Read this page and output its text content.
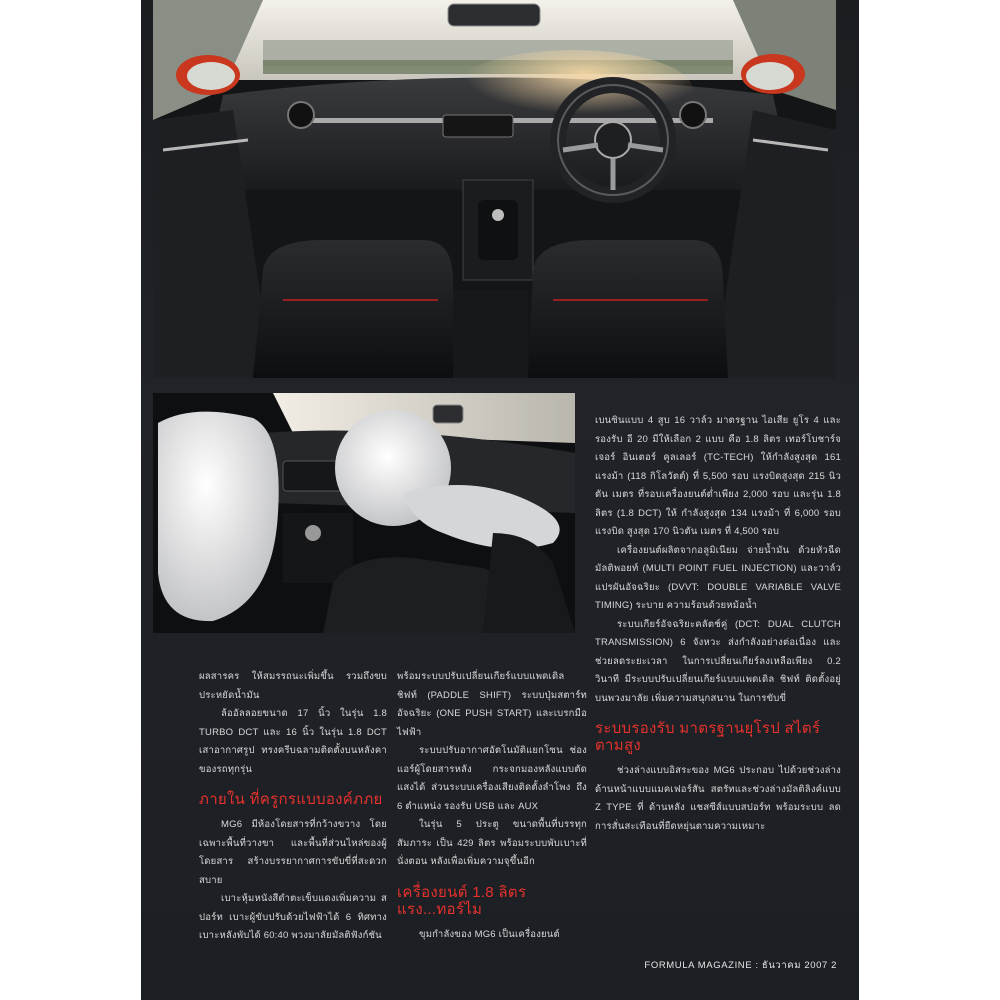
เบนซินแบบ 4 สูบ 16 วาล์ว มาตรฐาน ไอเสีย ยูโร 4 และรองรับ อี 20 มีให้เลือก 2 แบบ คือ 1.8 ลิตร เทอร์โบชาร์จเจอร์ อินเตอร์ คูลเลอร์ (TC-TECH) ให้กำลังสูงสุด 161 แรงม้า (118 กิโลวัตต์) ที่ 5,500 รอบ แรงบิดสูงสุด 215 นิวตัน เมตร ที่รอบเครื่องยนต์ต่ำเพียง 2,000 รอบ และรุ่น 1.8 ลิตร (1.8 DCT) ให้ กำลังสูงสุด 134 แรงม้า ที่ 6,000 รอบ แรงบิด สูงสุด 170 นิวตัน เมตร ที่ 4,500 รอบ

เครื่องยนต์ผลิตจากอลูมิเนียม จ่ายน้ำมัน ด้วยหัวฉีดมัลติพอยท์ (MULTI POINT FUEL INJECTION) และวาล์วแปรผันอัจฉริยะ (DVVT: DOUBLE VARIABLE VALVE TIMING) ระบาย ความร้อนด้วยหม้อน้ำ

ระบบเกียร์อัจฉริยะคลัตช์คู่ (DCT: DUAL CLUTCH TRANSMISSION) 6 จังหวะ ส่งกำลังอย่างต่อเนื่อง และช่วยลดระยะเวลา ในการเปลี่ยนเกียร์ลงเหลือเพียง 0.2 วินาที มีระบบปรับเปลี่ยนเกียร์แบบแพดเดิล ชิฟท์ ติดตั้งอยู่บนพวงมาลัย เพิ่มความสนุกสนาน ในการขับขี่

ระบบรองรับ มาตรฐานยุโรป สไตร์ตามสูง

ช่วงล่างแบบอิสระของ MG6 ประกอบ ไปด้วยช่วงล่างด้านหน้าแบบแมคเฟอร์สัน สตรัทและช่วงล่างมัลติลิงค์แบบ Z TYPE ที่ ด้านหลัง แชสซีส์แบบสปอร์ท พร้อมระบบ ลดการสั่นสะเทือนที่ยืดหยุ่นตามความเหมาะ

ผลสารคร ให้สมรรถนะเพิ่มขึ้น รวมถึงขบ ประหยัดน้ำมัน

ล้ออัลลอยขนาด 17 นิ้ว ในรุ่น 1.8 TURBO DCT และ 16 นิ้ว ในรุ่น 1.8 DCT เสาอากาศรูป ทรงครีบฉลามติดตั้งบนหลังคาของรถทุกรุ่น

ภายใน ที่ครูกรแบบองค์ภภย

MG6 มีห้องโดยสารที่กว้างขวาง โดย เฉพาะพื้นที่วางขา และพื้นที่ส่วนไหล่ของผู้ โดยสาร สร้างบรรยากาศการขับขี่ที่สะดวก สบาย

เบาะหุ้มหนังสีดำตะเข็บแดงเพิ่มความ สปอร์ท เบาะผู้ขับปรับด้วยไฟฟ้าได้ 6 ทิศทาง เบาะหลังพับได้ 60:40 พวงมาลัยมัลติฟังก์ชัน

พร้อมระบบปรับเปลี่ยนเกียร์แบบแพดเดิล ชิฟท์ (PADDLE SHIFT) ระบบปุ่มสตาร์ท อัจฉริยะ (ONE PUSH START) และเบรกมือ ไฟฟ้า

ระบบปรับอากาศอัตโนมัติแยกโซน ช่อง แอร์ผู้โดยสารหลัง กระจกมองหลังแบบตัด แสงได้ ส่วนระบบเครื่องเสียงติดตั้งลำโพง ถึง 6 ตำแหน่ง รองรับ USB และ AUX

ในรุ่น 5 ประตู ขนาดพื้นที่บรรทุกสัมภาระ เป็น 429 ลิตร พร้อมระบบพับเบาะที่นั่งตอน หลังเพื่อเพิ่มความจุขึ้นอีก

เครื่องยนต์ 1.8 ลิตร แรง...ทอร์ไม

ขุมกำลังของ MG6 เป็นเครื่องยนต์

FORMULA MAGAZINE : ธันวาคม 2007 2
